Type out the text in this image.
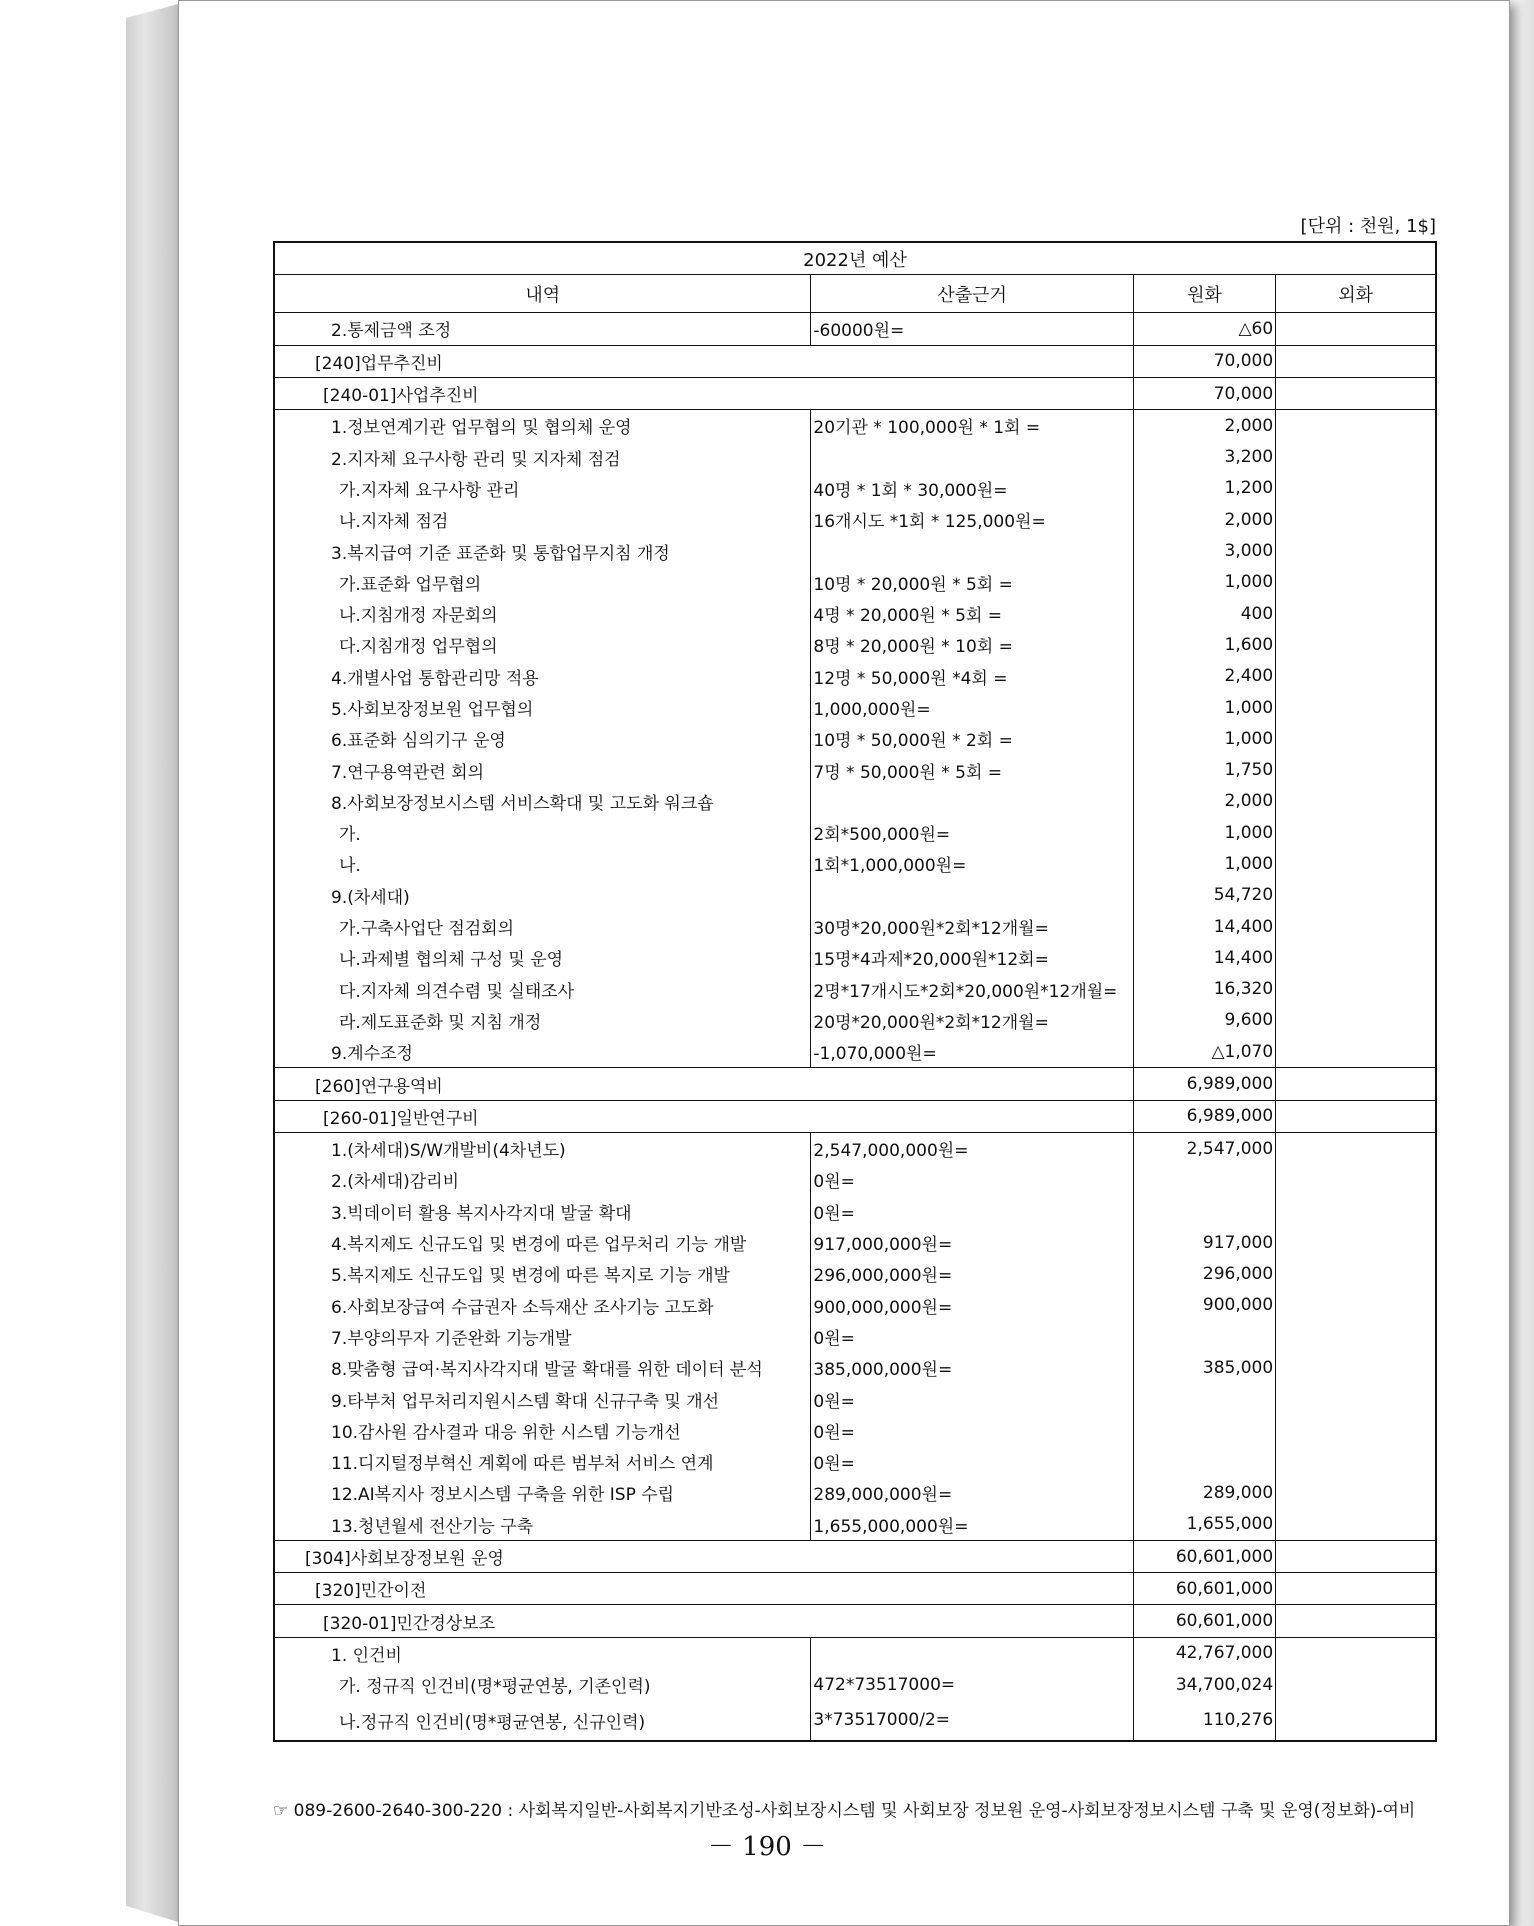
[단위 : 천원, 1$]
2022년 예산			
내역	산출근거	원화	외화
2.통제금액 조정	-60000원=	△60	
[240]업무추진비		70,000	
[240-01]사업추진비		70,000	
1.정보연계기관 업무협의 및 협의체 운영	20기관 * 100,000원 * 1회 =	2,000	
2.지자체 요구사항 관리 및 지자체 점검		3,200	
가.지자체 요구사항 관리	40명 * 1회 * 30,000원=	1,200	
나.지자체 점검	16개시도 *1회 * 125,000원=	2,000	
3.복지급여 기준 표준화 및 통합업무지침 개정		3,000	
가.표준화 업무협의	10명 * 20,000원 * 5회 =	1,000	
나.지침개정 자문회의	4명 * 20,000원 * 5회 =	400	
다.지침개정 업무협의	8명 * 20,000원 * 10회 =	1,600	
4.개별사업 통합관리망 적용	12명 * 50,000원 *4회 =	2,400	
5.사회보장정보원 업무협의	1,000,000원=	1,000	
6.표준화 심의기구 운영	10명 * 50,000원 * 2회 =	1,000	
7.연구용역관련 회의	7명 * 50,000원 * 5회 =	1,750	
8.사회보장정보시스템 서비스확대 및 고도화 워크숍		2,000	
가.	2회*500,000원=	1,000	
나.	1회*1,000,000원=	1,000	
9.(차세대)		54,720	
가.구축사업단 점검회의	30명*20,000원*2회*12개월=	14,400	
나.과제별 협의체 구성 및 운영	15명*4과제*20,000원*12회=	14,400	
다.지자체 의견수렴 및 실태조사	2명*17개시도*2회*20,000원*12개월=	16,320	
라.제도표준화 및 지침 개정	20명*20,000원*2회*12개월=	9,600	
9.계수조정	-1,070,000원=	△1,070	
[260]연구용역비		6,989,000	
[260-01]일반연구비		6,989,000	
1.(차세대)S/W개발비(4차년도)	2,547,000,000원=	2,547,000	
2.(차세대)감리비	0원=		
3.빅데이터 활용 복지사각지대 발굴 확대	0원=		
4.복지제도 신규도입 및 변경에 따른 업무처리 기능 개발	917,000,000원=	917,000	
5.복지제도 신규도입 및 변경에 따른 복지로 기능 개발	296,000,000원=	296,000	
6.사회보장급여 수급권자 소득재산 조사기능 고도화	900,000,000원=	900,000	
7.부양의무자 기준완화 기능개발	0원=		
8.맞춤형 급여·복지사각지대 발굴 확대를 위한 데이터 분석	385,000,000원=	385,000	
9.타부처 업무처리지원시스템 확대 신규구축 및 개선	0원=		
10.감사원 감사결과 대응 위한 시스템 기능개선	0원=		
11.디지털정부혁신 계획에 따른 범부처 서비스 연계	0원=		
12.AI복지사 정보시스템 구축을 위한 ISP 수립	289,000,000원=	289,000	
13.청년월세 전산기능 구축	1,655,000,000원=	1,655,000	
[304]사회보장정보원 운영		60,601,000	
[320]민간이전		60,601,000	
[320-01]민간경상보조		60,601,000	
1. 인건비		42,767,000	
가. 정규직 인건비(명*평균연봉, 기존인력)	472*73517000=	34,700,024	
나.정규직 인건비(명*평균연봉, 신규인력)	3*73517000/2=	110,276	
☞ 089-2600-2640-300-220 : 사회복지일반-사회복지기반조성-사회보장시스템 및 사회보장 정보원 운영-사회보장정보시스템 구축 및 운영(정보화)-여비
－ 190 －
